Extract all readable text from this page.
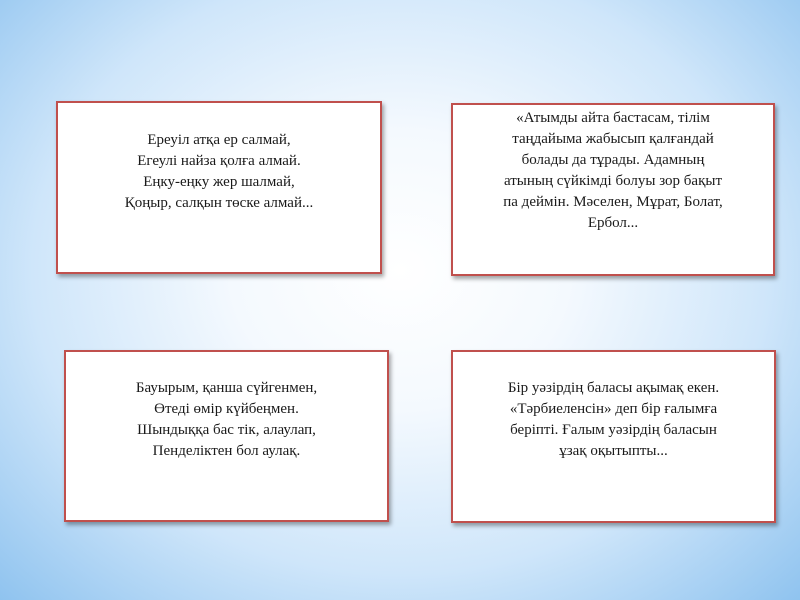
Ереуіл атқа ер салмай,
Егеулі найза қолға алмай.
Еңку-еңку жер шалмай,
Қоңыр, салқын төске алмай...
«Атымды айта бастасам, тілім
таңдайыма жабысып қалғандай
болады да тұрады. Адамның
атының сүйкімді болуы зор бақыт
па деймін. Мәселен, Мұрат, Болат,
Ербол...
Бауырым, қанша сүйгенмен,
Өтеді өмір күйбеңмен.
Шындыққа бас тік, алаулап,
Пенделіктен бол аулақ.
Бір уәзірдің баласы ақымақ екен.
«Тәрбиеленсін» деп бір ғалымға
беріпті. Ғалым уәзірдің баласын
ұзақ оқытыпты...
